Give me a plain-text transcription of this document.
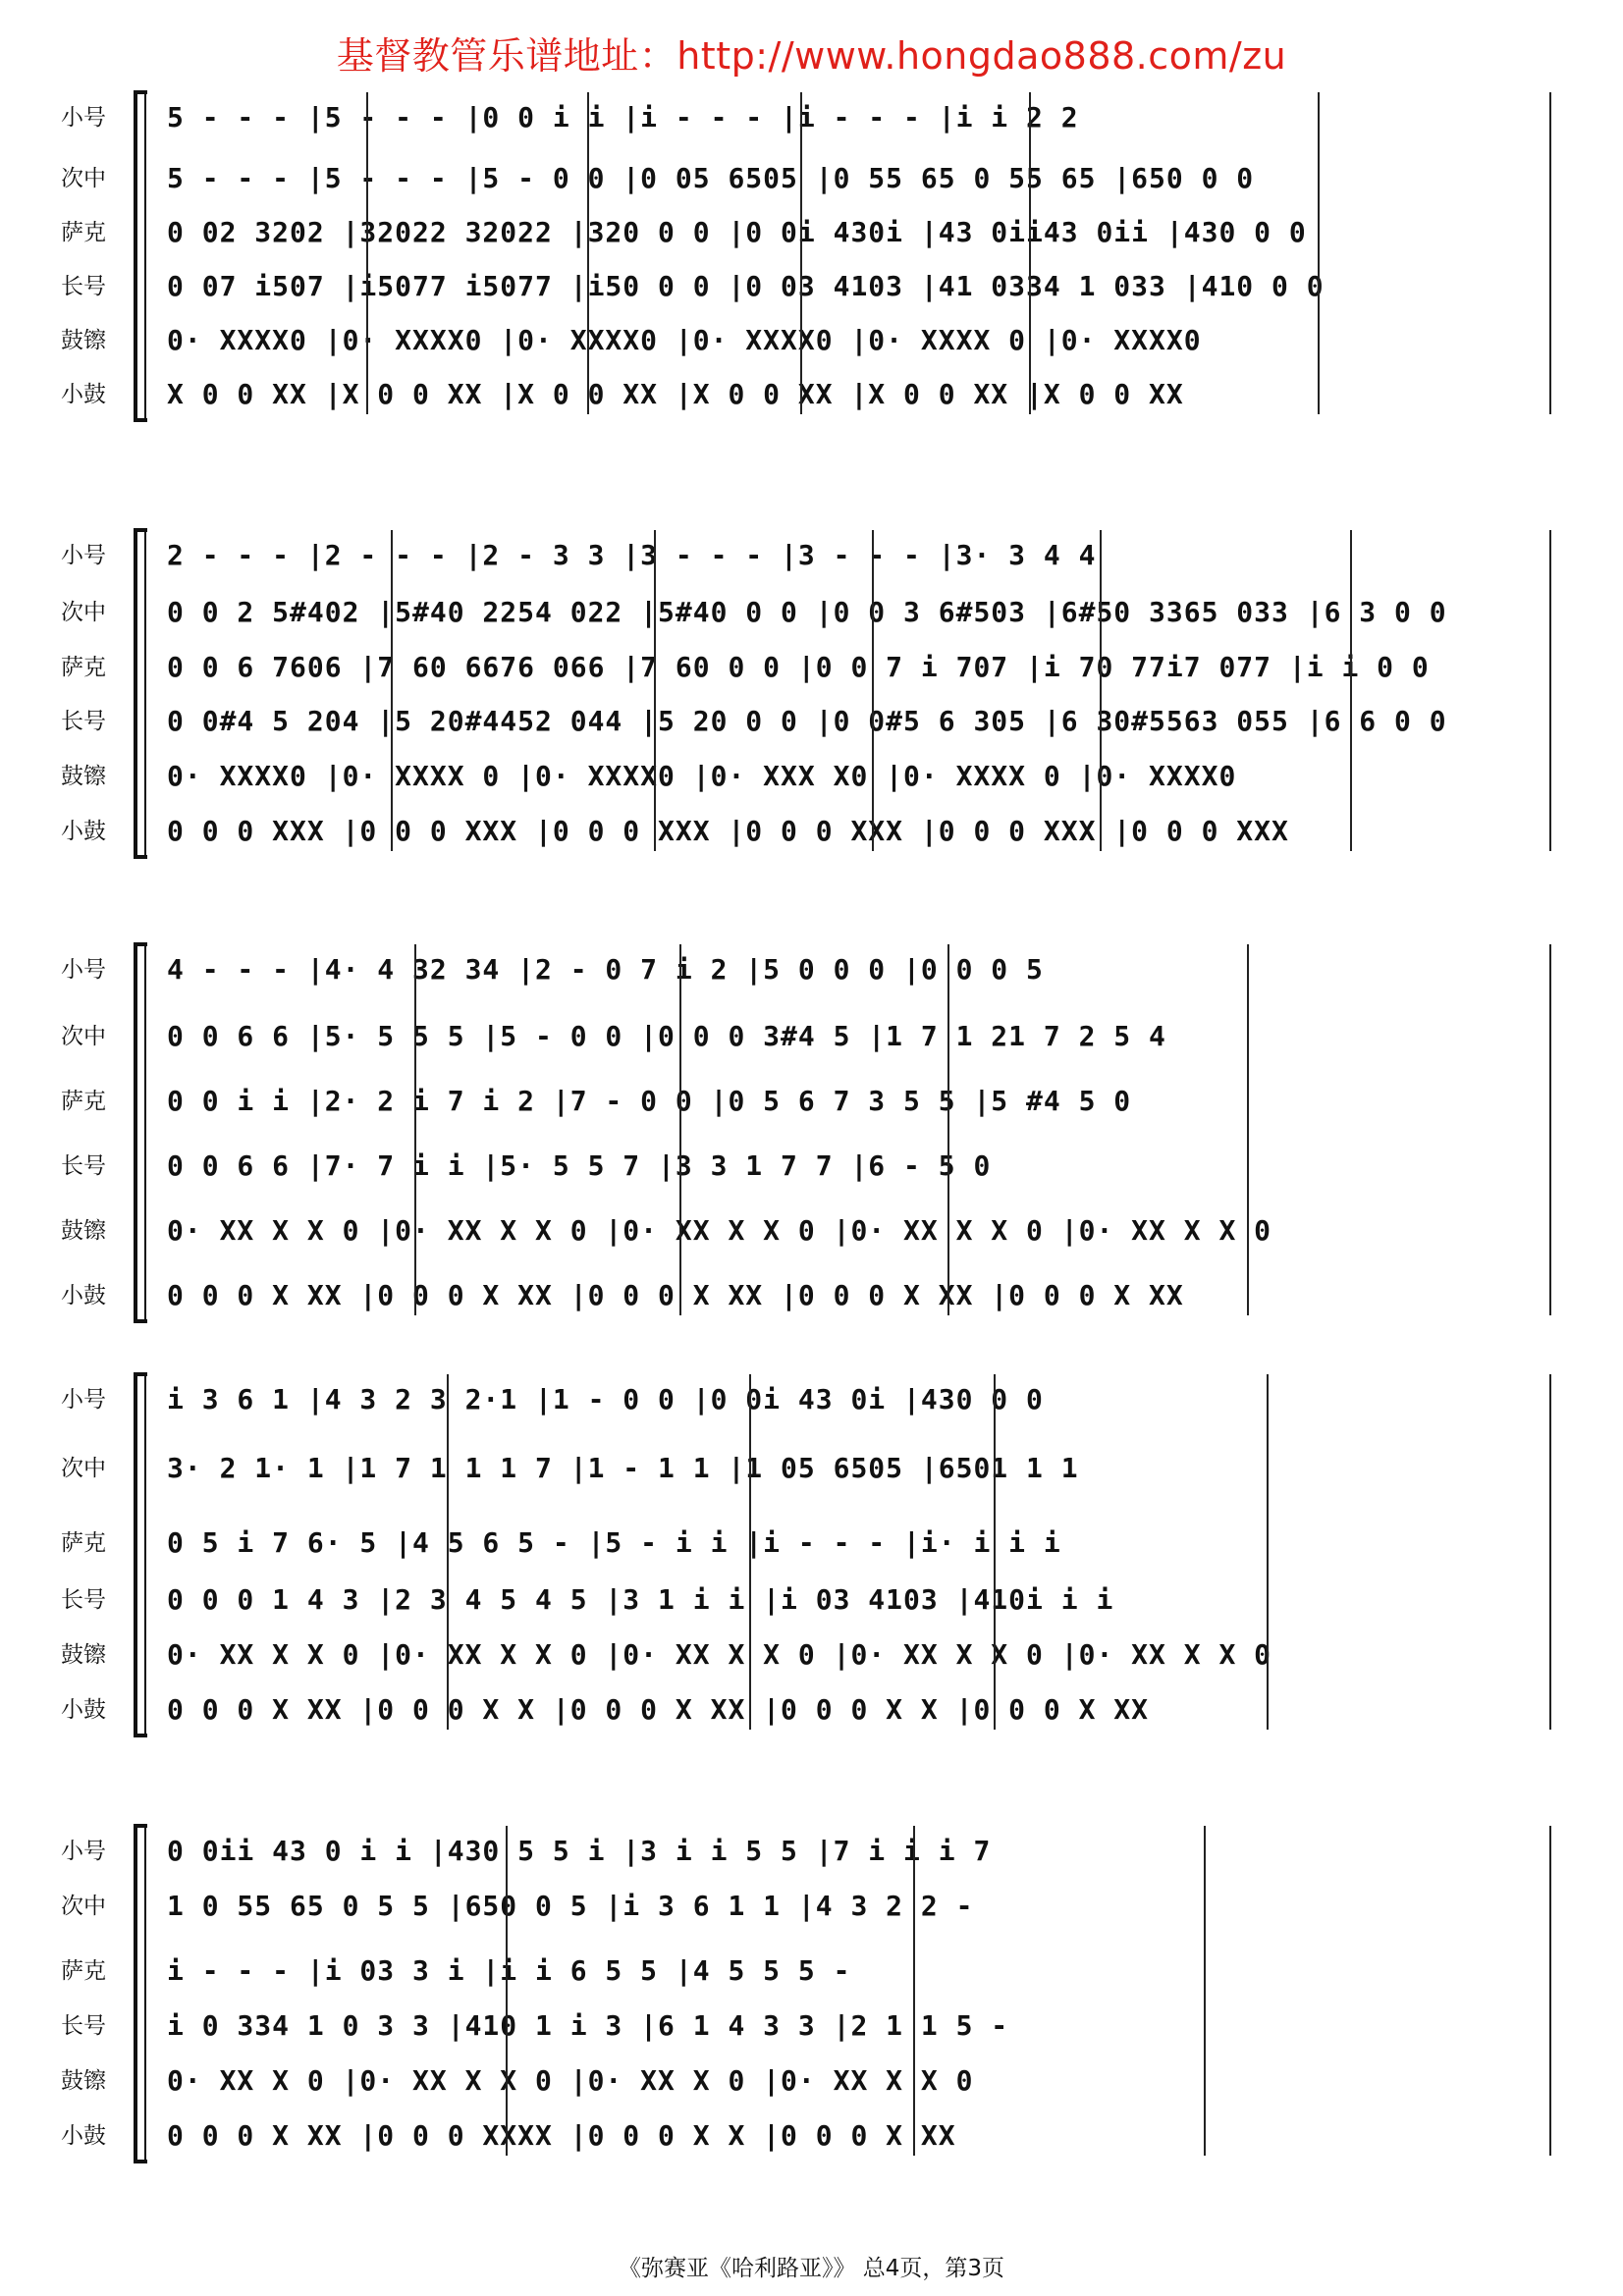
基督教管乐谱地址：http://www.hongdao888.com/zu
小号	5 - - - |5 - - - |0 0 i i |i - - - |i - - - |i i 2 2
次中	5 - - - |5 - - - |5 - 0 0 |0 05 6505 |0 55 65 0 55 65 |650 0 0
萨克	0 02 3202 |32022 32022 |320 0 0 |0 0i 430i |43 0ii43 0ii |430 0 0
长号	0 07 i507 |i5077 i5077 |i50 0 0 |0 03 4103 |41 0334 1 033 |410 0 0
鼓镲	0· XXXX0 |0· XXXX0 |0· XXXX0 |0· XXXX0 |0· XXXX 0 |0· XXXX0
小鼓	X 0 0 XX |X 0 0 XX |X 0 0 XX |X 0 0 XX |X 0 0 XX |X 0 0 XX
小号	2 - - - |2 - - - |2 - 3 3 |3 - - - |3 - - - |3· 3 4 4
次中	0 0 2 5#402 |5#40 2254 022 |5#40 0 0 |0 0 3 6#503 |6#50 3365 033 |6 3 0 0
萨克	0 0 6 7606 |7 60 6676 066 |7 60 0 0 |0 0 7 i 707 |i 70 77i7 077 |i i 0 0
长号	0 0#4 5 204 |5 20#4452 044 |5 20 0 0 |0 0#5 6 305 |6 30#5563 055 |6 6 0 0
鼓镲	0· XXXX0 |0· XXXX 0 |0· XXXX0 |0· XXX X0 |0· XXXX 0 |0· XXXX0
小鼓	0 0 0 XXX |0 0 0 XXX |0 0 0 XXX |0 0 0 XXX |0 0 0 XXX |0 0 0 XXX
小号	4 - - - |4· 4 32 34 |2 - 0 7 i 2 |5 0 0 0 |0 0 0 5
次中	0 0 6 6 |5· 5 5 5 |5 - 0 0 |0 0 0 3#4 5 |1 7 1 21 7 2 5 4
萨克	0 0 i i |2· 2 i 7 i 2 |7 - 0 0 |0 5 6 7 3 5 5 |5 #4 5 0
长号	0 0 6 6 |7· 7 i i |5· 5 5 7 |3 3 1 7 7 |6 - 5 0
鼓镲	0· XX X X 0 |0· XX X X 0 |0· XX X X 0 |0· XX X X 0 |0· XX X X 0
小鼓	0 0 0 X XX |0 0 0 X XX |0 0 0 X XX |0 0 0 X XX |0 0 0 X XX
小号	i 3 6 1 |4 3 2 3 2·1 |1 - 0 0 |0 0i 43 0i |430 0 0
次中	3· 2 1· 1 |1 7 1 1 1 7 |1 - 1 1 |1 05 6505 |6501 1 1
萨克	0 5 i 7 6· 5 |4 5 6 5 - |5 - i i |i - - - |i· i i i
长号	0 0 0 1 4 3 |2 3 4 5 4 5 |3 1 i i |i 03 4103 |410i i i
鼓镲	0· XX X X 0 |0· XX X X 0 |0· XX X X 0 |0· XX X X 0 |0· XX X X 0
小鼓	0 0 0 X XX |0 0 0 X X |0 0 0 X XX |0 0 0 X X |0 0 0 X XX
小号	0 0ii 43 0 i i |430 5 5 i |3 i i 5 5 |7 i i i 7
次中	1 0 55 65 0 5 5 |650 0 5 |i 3 6 1 1 |4 3 2 2 -
萨克	i - - - |i 03 3 i |i i 6 5 5 |4 5 5 5 -
长号	i 0 334 1 0 3 3 |410 1 i 3 |6 1 4 3 3 |2 1 1 5 -
鼓镲	0· XX X 0 |0· XX X X 0 |0· XX X 0 |0· XX X X 0
小鼓	0 0 0 X XX |0 0 0 XXXX |0 0 0 X X |0 0 0 X XX
《弥赛亚《哈利路亚》》 总4页，第3页
